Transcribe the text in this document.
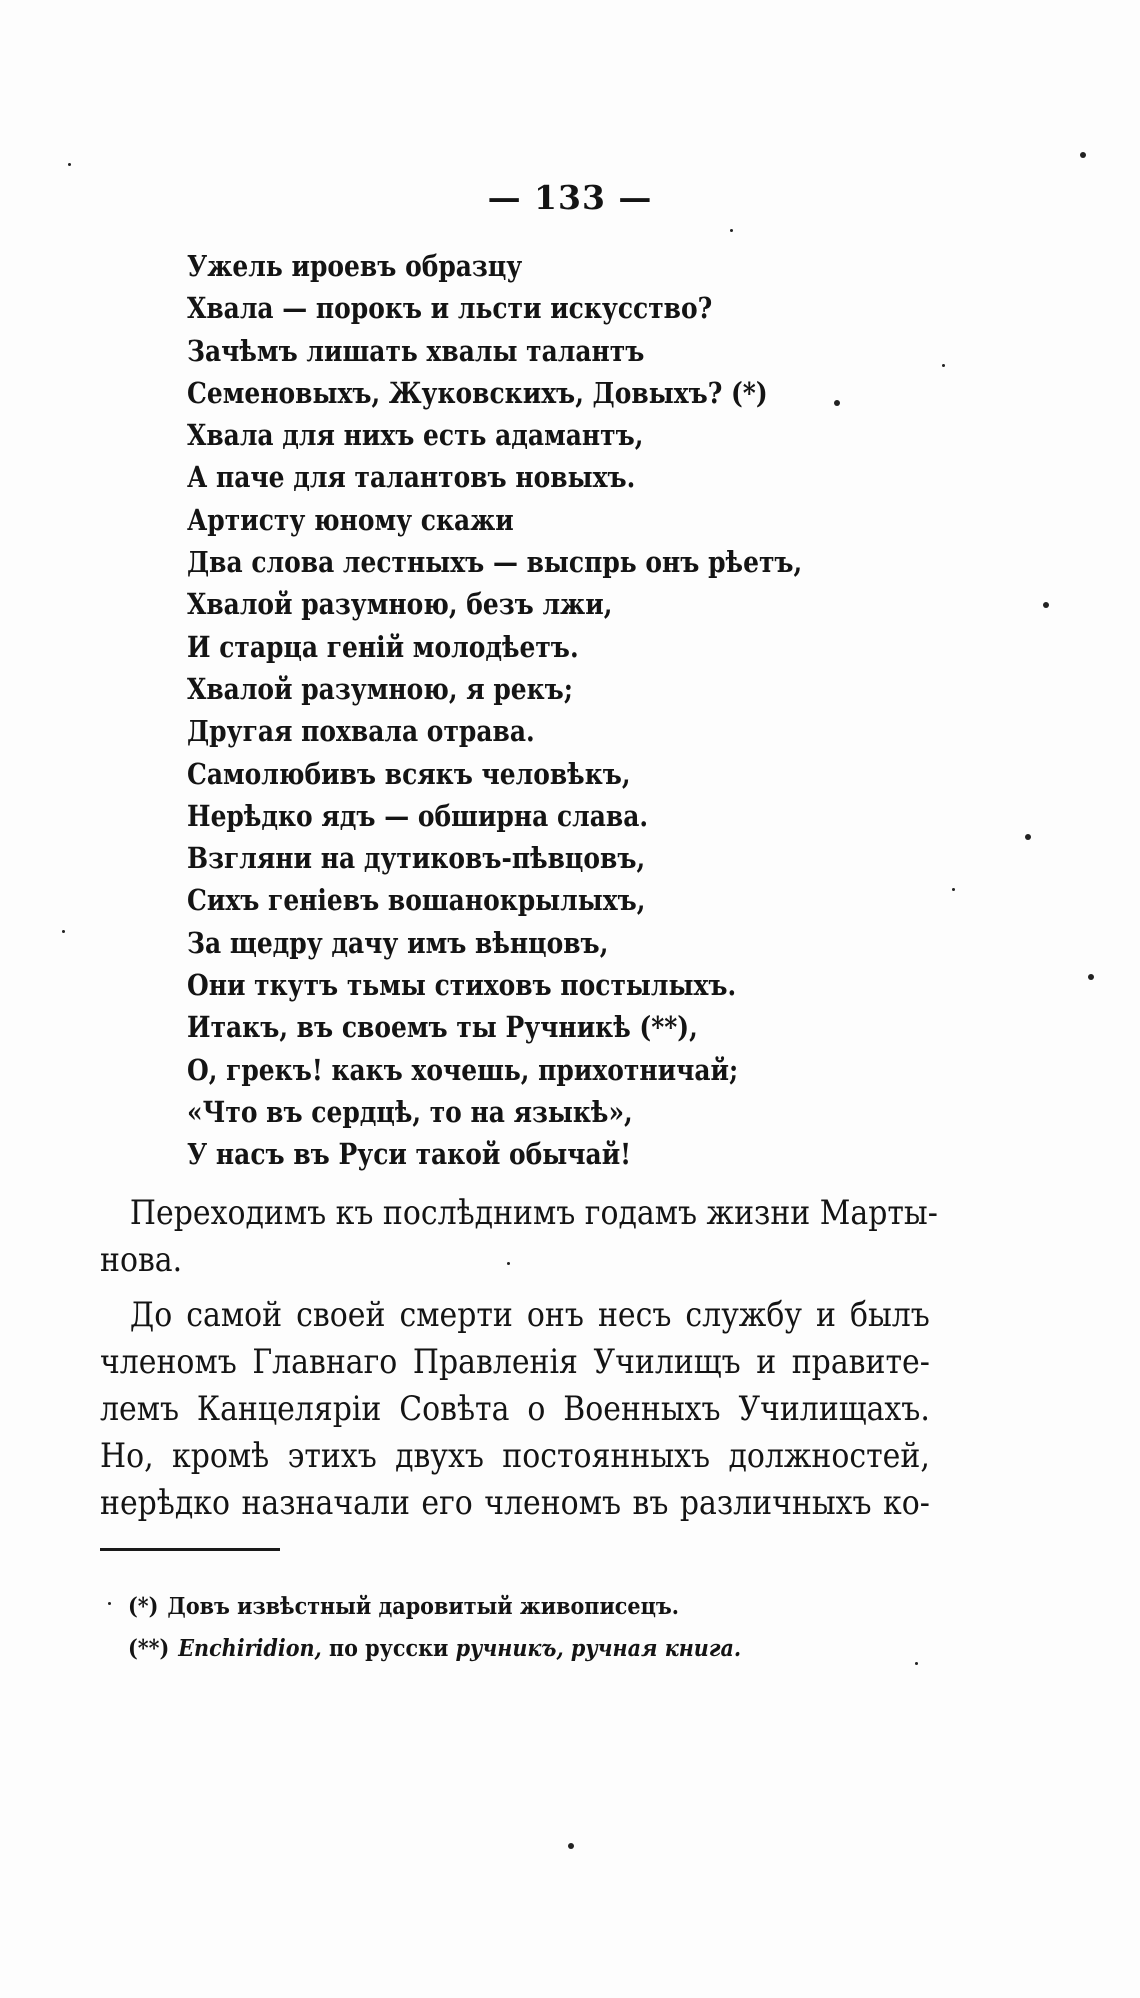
— 133 —
Ужель ироевъ образцу
Хвала — порокъ и льсти искусство?
Зачѣмъ лишать хвалы талантъ
Семеновыхъ, Жуковскихъ, Довыхъ? (*)
Хвала для нихъ есть адамантъ,
А паче для талантовъ новыхъ.
Артисту юному скажи
Два слова лестныхъ — выспрь онъ рѣетъ,
Хвалой разумною, безъ лжи,
И старца геній молодѣетъ.
Хвалой разумною, я рекъ;
Другая похвала отрава.
Самолюбивъ всякъ человѣкъ,
Нерѣдко ядъ — обширна слава.
Взгляни на дутиковъ-пѣвцовъ,
Сихъ геніевъ вошанокрылыхъ,
За щедру дачу имъ вѣнцовъ,
Они ткутъ тьмы стиховъ постылыхъ.
Итакъ, въ своемъ ты Ручникѣ (**),
О, грекъ! какъ хочешь, прихотничай;
«Что въ сердцѣ, то на языкѣ»,
У насъ въ Руси такой обычай!
Переходимъ къ послѣднимъ годамъ жизни Марты-
нова.
До самой своей смерти онъ несъ службу и былъ
членомъ Главнаго Правленія Училищъ и правите-
лемъ Канцеляріи Совѣта о Военныхъ Училищахъ.
Но, кромѣ этихъ двухъ постоянныхъ должностей,
нерѣдко назначали его членомъ въ различныхъ ко-
(*) Довъ извѣстный даровитый живописецъ.
(**) Enchiridion, по русски ручникъ, ручная книга.
